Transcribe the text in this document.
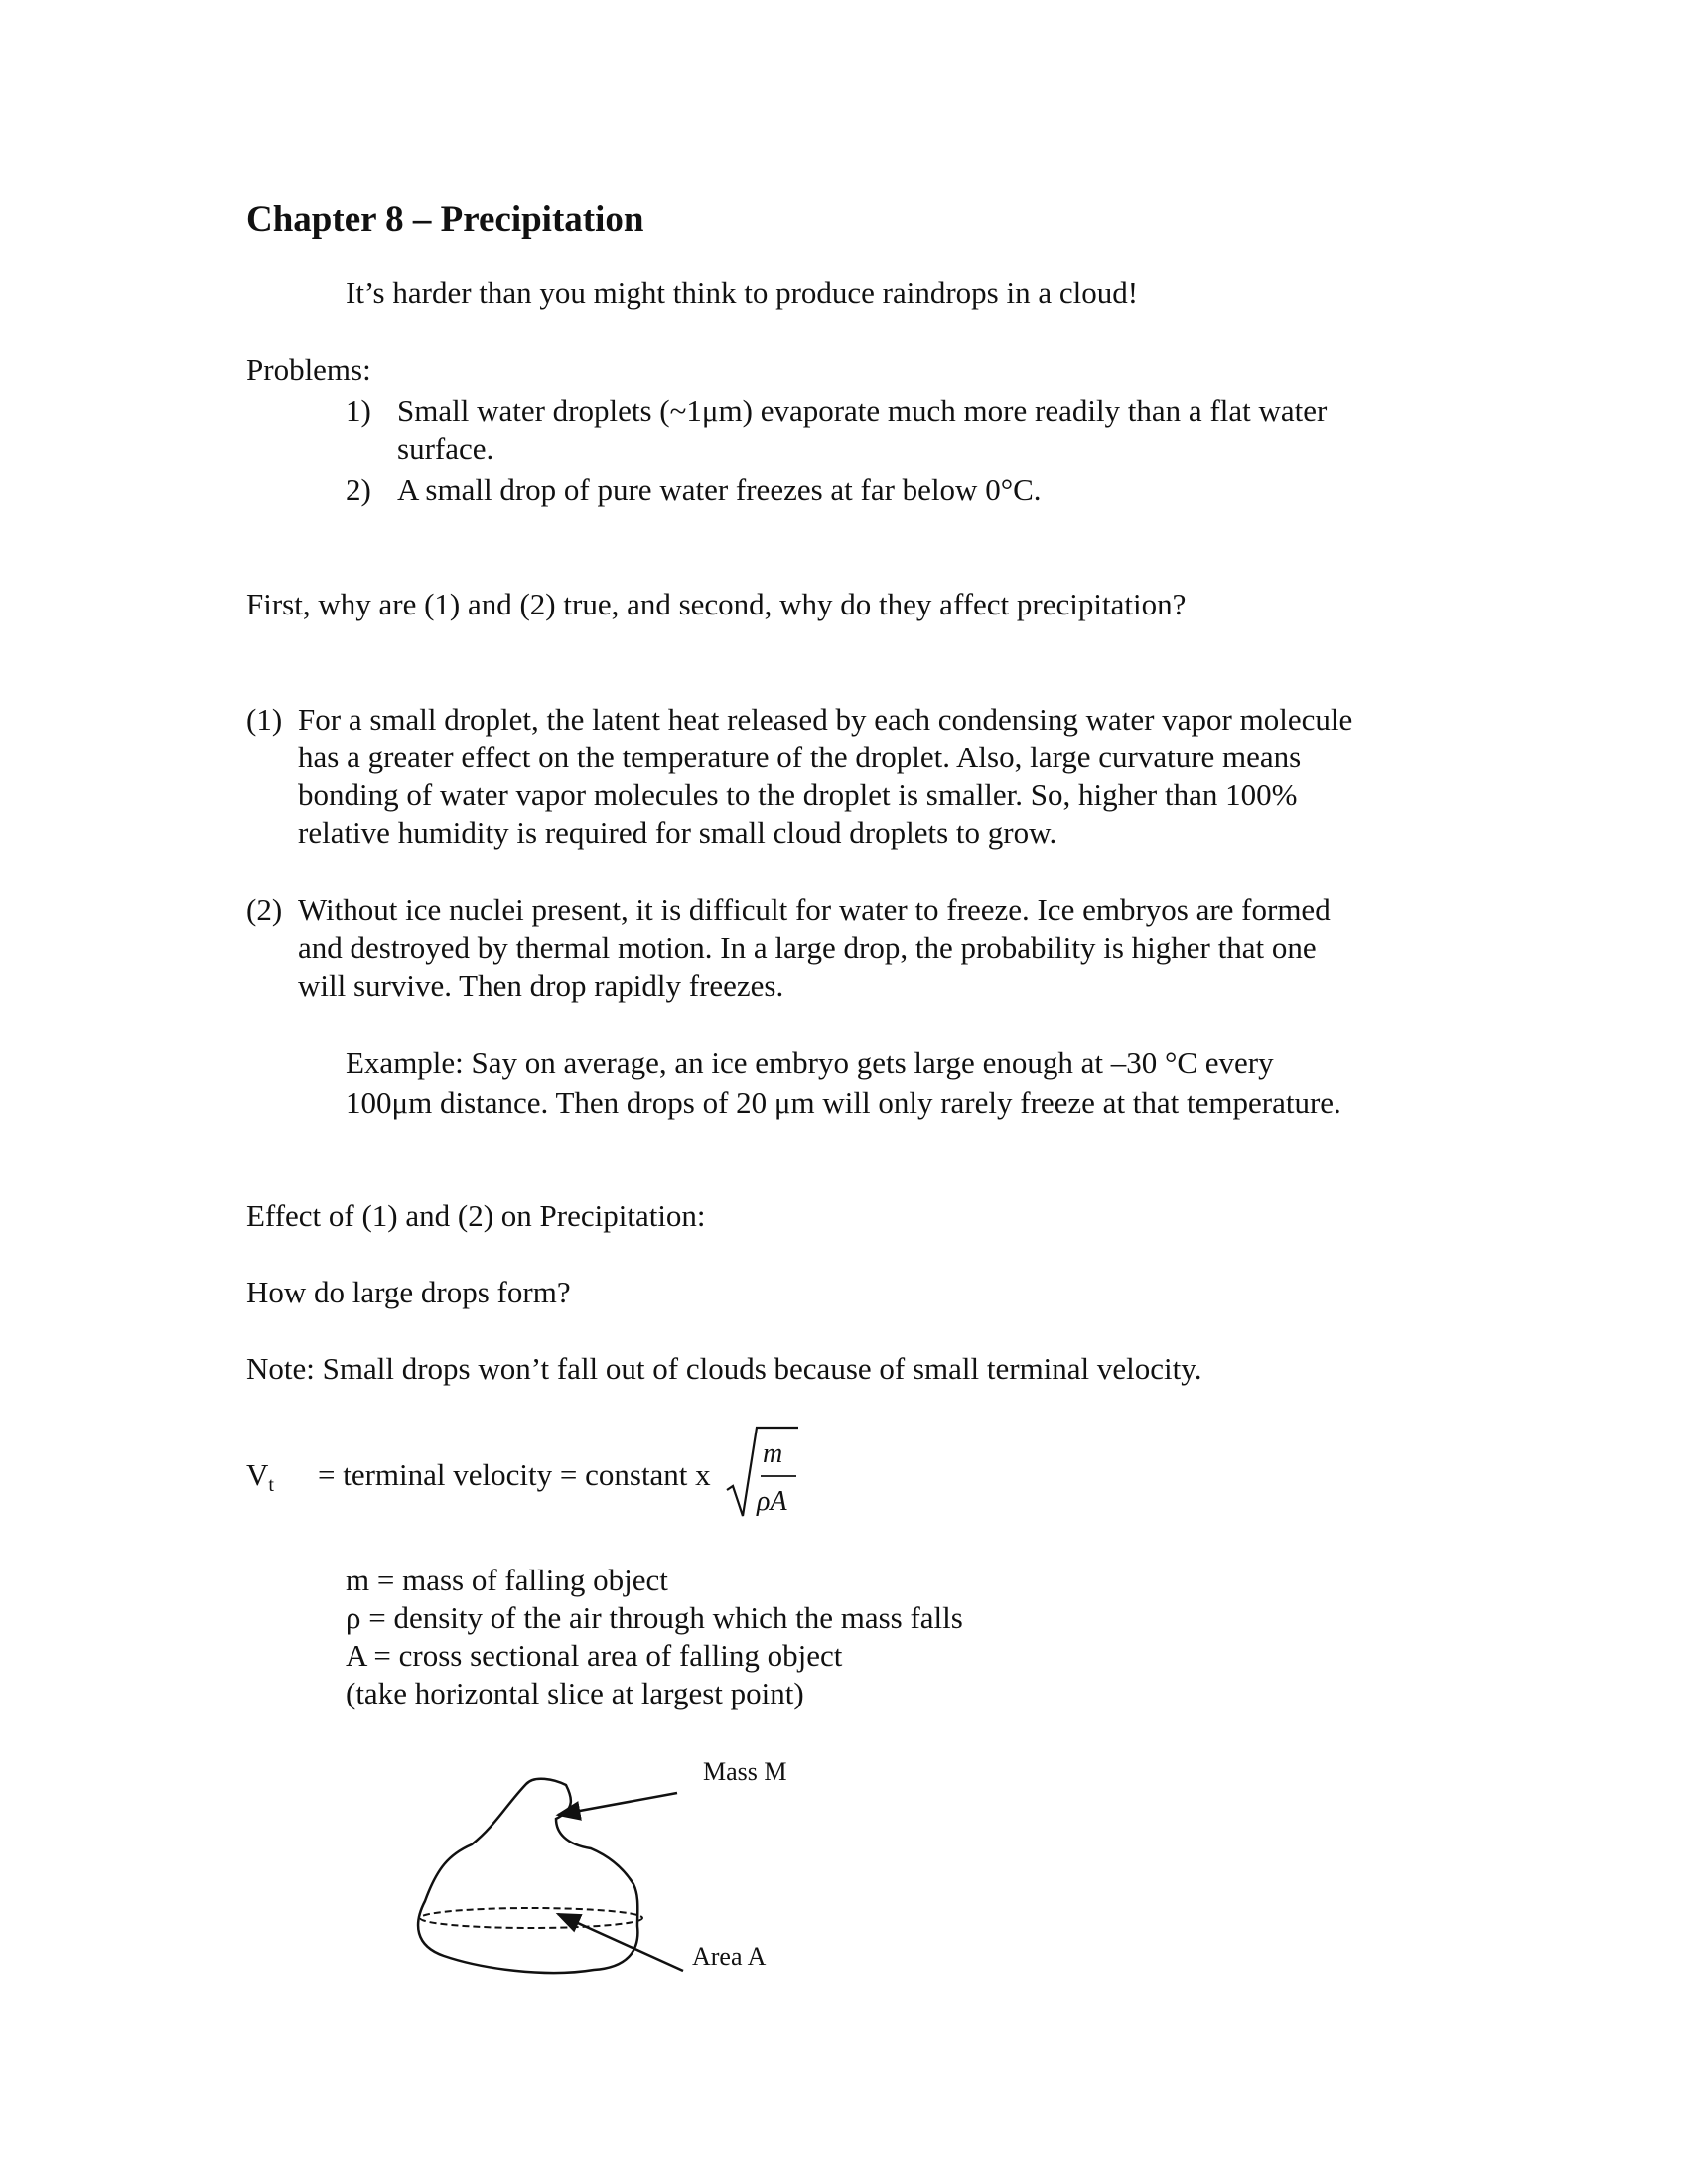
Chapter 8 – Precipitation
It’s harder than you might think to produce raindrops in a cloud!
Problems:
1) Small water droplets (~1μm) evaporate much more readily than a flat water
surface.
2) A small drop of pure water freezes at far below 0°C.
First, why are (1) and (2) true, and second, why do they affect precipitation?
(1) For a small droplet, the latent heat released by each condensing water vapor molecule
has a greater effect on the temperature of the droplet. Also, large curvature means
bonding of water vapor molecules to the droplet is smaller. So, higher than 100%
relative humidity is required for small cloud droplets to grow.
(2) Without ice nuclei present, it is difficult for water to freeze. Ice embryos are formed
and destroyed by thermal motion. In a large drop, the probability is higher that one
will survive. Then drop rapidly freezes.
Example: Say on average, an ice embryo gets large enough at –30 °C every
100μm distance. Then drops of 20 μm will only rarely freeze at that temperature.
Effect of (1) and (2) on Precipitation:
How do large drops form?
Note: Small drops won’t fall out of clouds because of small terminal velocity.
$V_t$ = terminal velocity = constant x
m
ρA
m = mass of falling object
ρ = density of the air through which the mass falls
A = cross sectional area of falling object
(take horizontal slice at largest point)
Mass M
Area A
